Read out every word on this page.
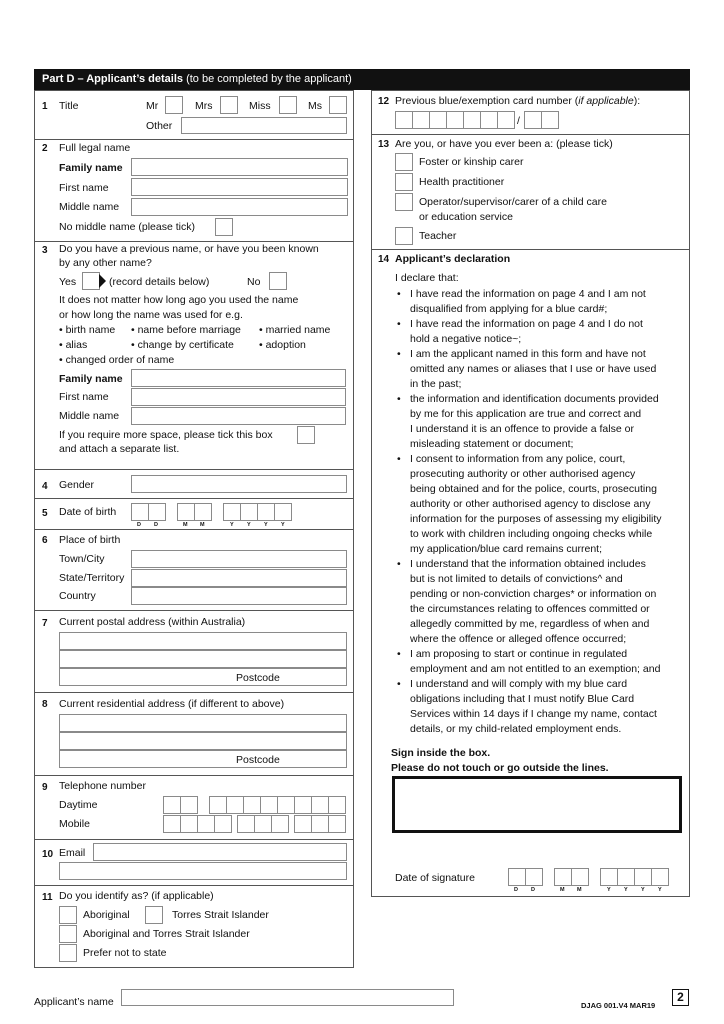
Part D – Applicant’s details (to be completed by the applicant)
1 Title	Mr	Mrs	Miss	Ms
Other
2 Full legal name
Family name
First name
Middle name
No middle name (please tick)
3 Do you have a previous name, or have you been known
by any other name?
Yes	(record details below)	No
It does not matter how long ago you used the name
or how long the name was used for e.g.
• birth name • name before marriage • married name
• alias	• change by certificate • adoption
• changed order of name
Family name
First name
Middle name
If you require more space, please tick this box
and attach a separate list.
4 Gender
5 Date of birth
D D	M M	Y Y Y Y
6 Place of birth
Town/City
State/Territory
Country
7 Current postal address (within Australia)
Postcode
8 Current residential address (if different to above)
Postcode
9 Telephone number
Daytime
Mobile
10 Email
11 Do you identify as? (if applicable)
Aboriginal	Torres Strait Islander
Aboriginal and Torres Strait Islander
Prefer not to state
12 Previous blue/exemption card number (if applicable):
/
13 Are you, or have you ever been a: (please tick)
Foster or kinship carer
Health practitioner
Operator/supervisor/carer of a child care
or education service
Teacher
14 Applicant’s declaration
I declare that:
• I have read the information on page 4 and I am not
disqualified from applying for a blue card#;
• I have read the information on page 4 and I do not
hold a negative notice~;
• I am the applicant named in this form and have not
omitted any names or aliases that I use or have used
in the past;
• the information and identification documents provided
by me for this application are true and correct and
I understand it is an offence to provide a false or
misleading statement or document;
• I consent to information from any police, court,
prosecuting authority or other authorised agency
being obtained and for the police, courts, prosecuting
authority or other authorised agency to disclose any
information for the purposes of assessing my eligibility
to work with children including ongoing checks while
my application/blue card remains current;
• I understand that the information obtained includes
but is not limited to details of convictions^ and
pending or non-conviction charges* or information on
the circumstances relating to offences committed or
allegedly committed by me, regardless of when and
where the offence or alleged offence occurred;
• I am proposing to start or continue in regulated
employment and am not entitled to an exemption; and
• I understand and will comply with my blue card
obligations including that I must notify Blue Card
Services within 14 days if I change my name, contact
details, or my child-related employment ends.
Sign inside the box.
Please do not touch or go outside the lines.
Date of signature
D D	M M	Y Y Y Y
Applicant’s name	DJAG 001.V4 MAR19
2
